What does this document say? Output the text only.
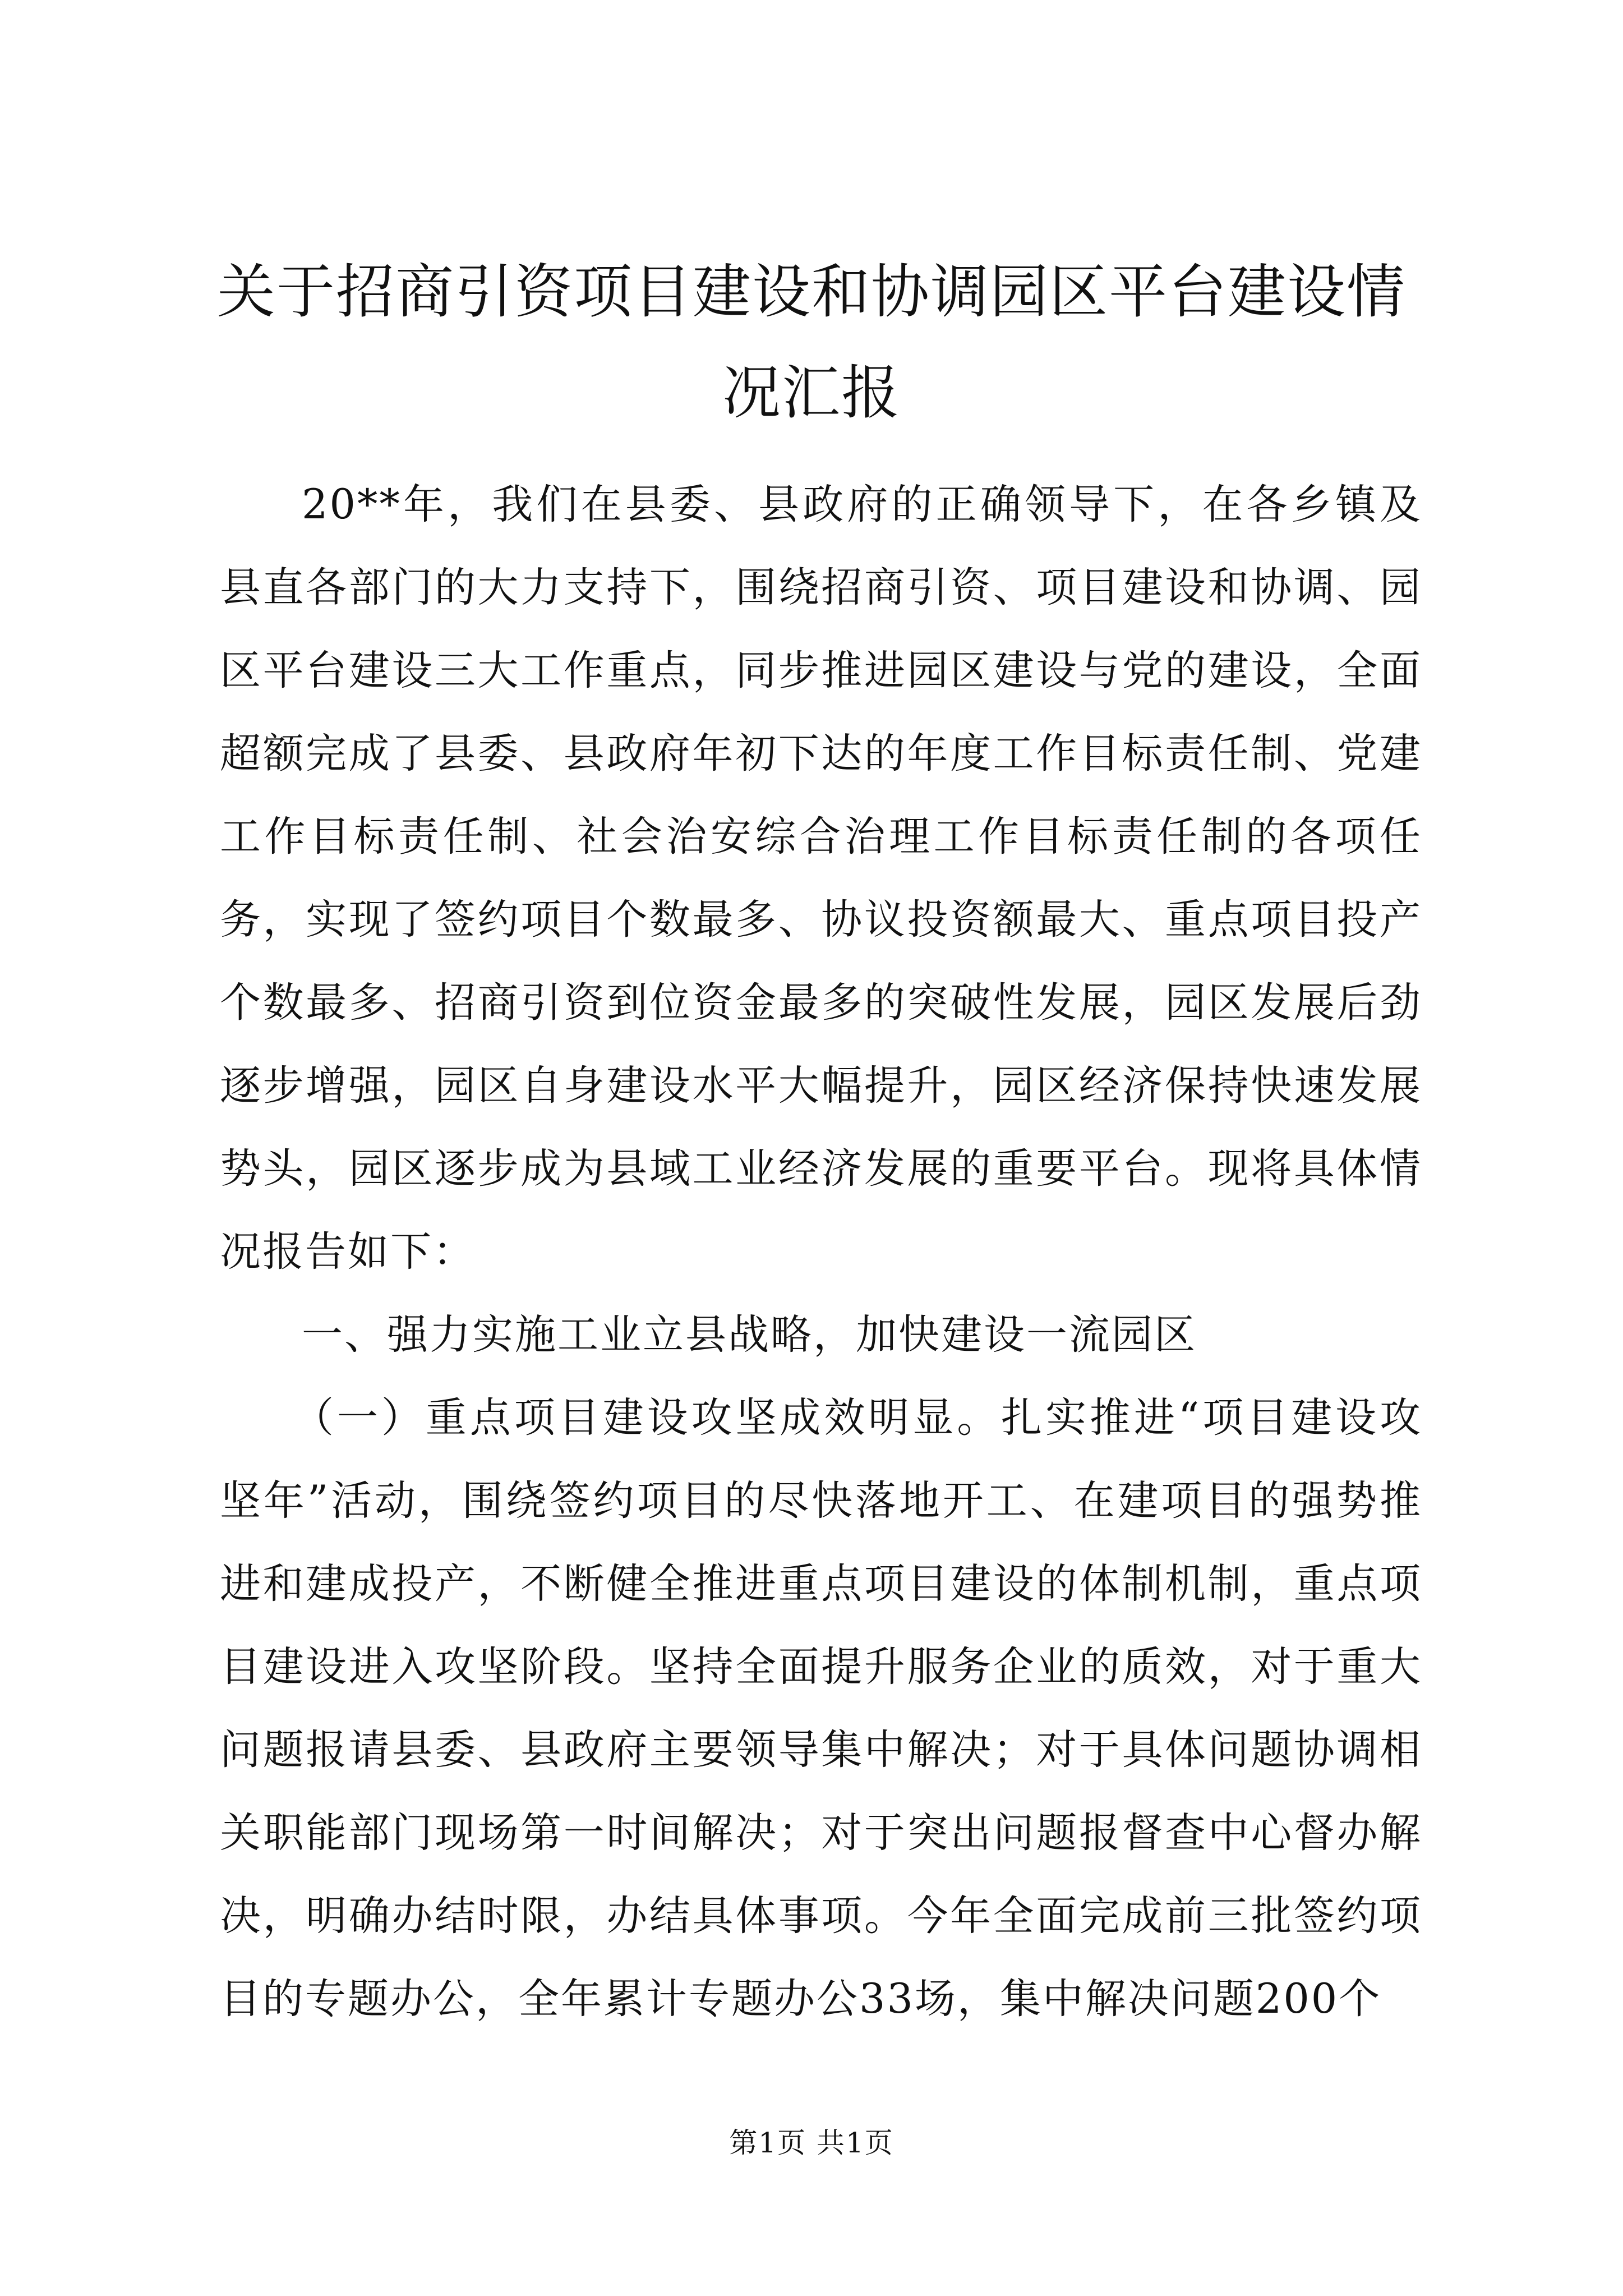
关于招商引资项目建设和协调园区平台建设情
况汇报

20**年，我们在县委、县政府的正确领导下，在各乡镇及县直各部门的大力支持下，围绕招商引资、项目建设和协调、园区平台建设三大工作重点，同步推进园区建设与党的建设，全面超额完成了县委、县政府年初下达的年度工作目标责任制、党建工作目标责任制、社会治安综合治理工作目标责任制的各项任务，实现了签约项目个数最多、协议投资额最大、重点项目投产个数最多、招商引资到位资金最多的突破性发展，园区发展后劲逐步增强，园区自身建设水平大幅提升，园区经济保持快速发展势头，园区逐步成为县域工业经济发展的重要平台。现将具体情况报告如下：

一、强力实施工业立县战略，加快建设一流园区

（一）重点项目建设攻坚成效明显。扎实推进“项目建设攻坚年”活动，围绕签约项目的尽快落地开工、在建项目的强势推进和建成投产，不断健全推进重点项目建设的体制机制，重点项目建设进入攻坚阶段。坚持全面提升服务企业的质效，对于重大问题报请县委、县政府主要领导集中解决；对于具体问题协调相关职能部门现场第一时间解决；对于突出问题报督查中心督办解决，明确办结时限，办结具体事项。今年全面完成前三批签约项目的专题办公，全年累计专题办公33场，集中解决问题200个

第1页 共1页
